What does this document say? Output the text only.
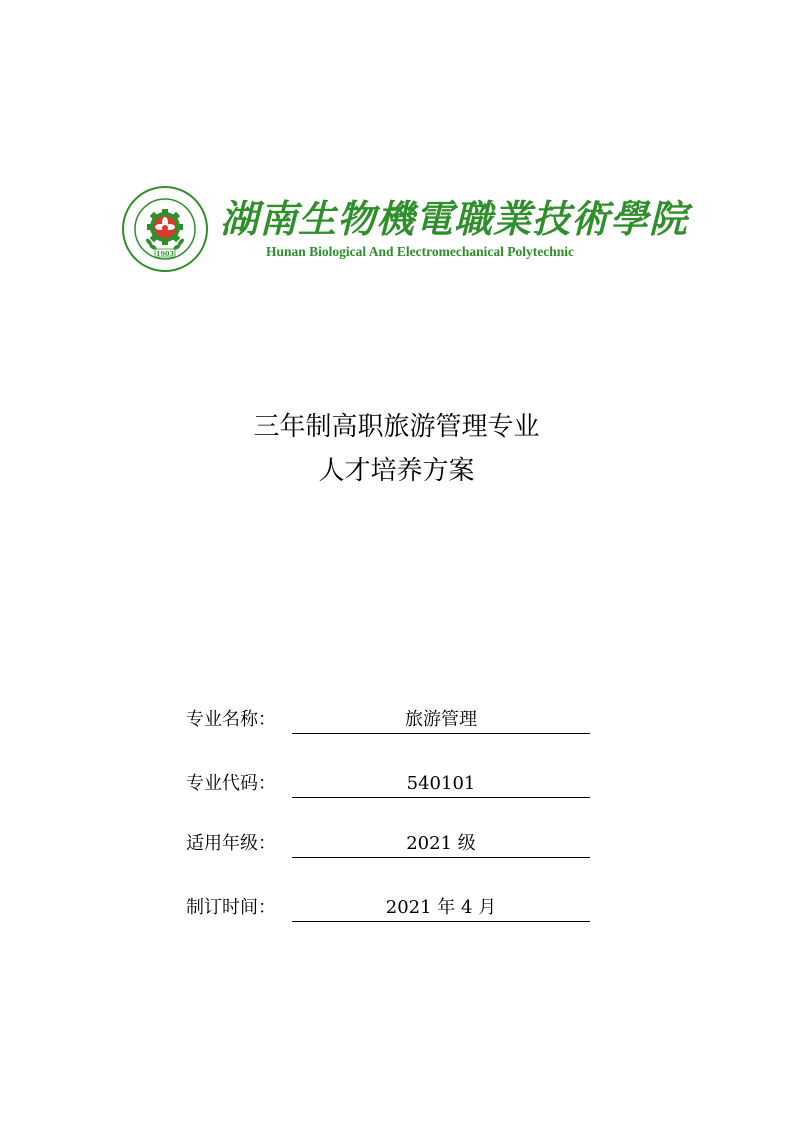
1903
湖南生物機電職業技術學院
Hunan Biological And Electromechanical Polytechnic
三年制高职旅游管理专业
人才培养方案
专业名称：	旅游管理
专业代码：	540101
适用年级：	2021 级
制订时间：	2021 年 4 月
